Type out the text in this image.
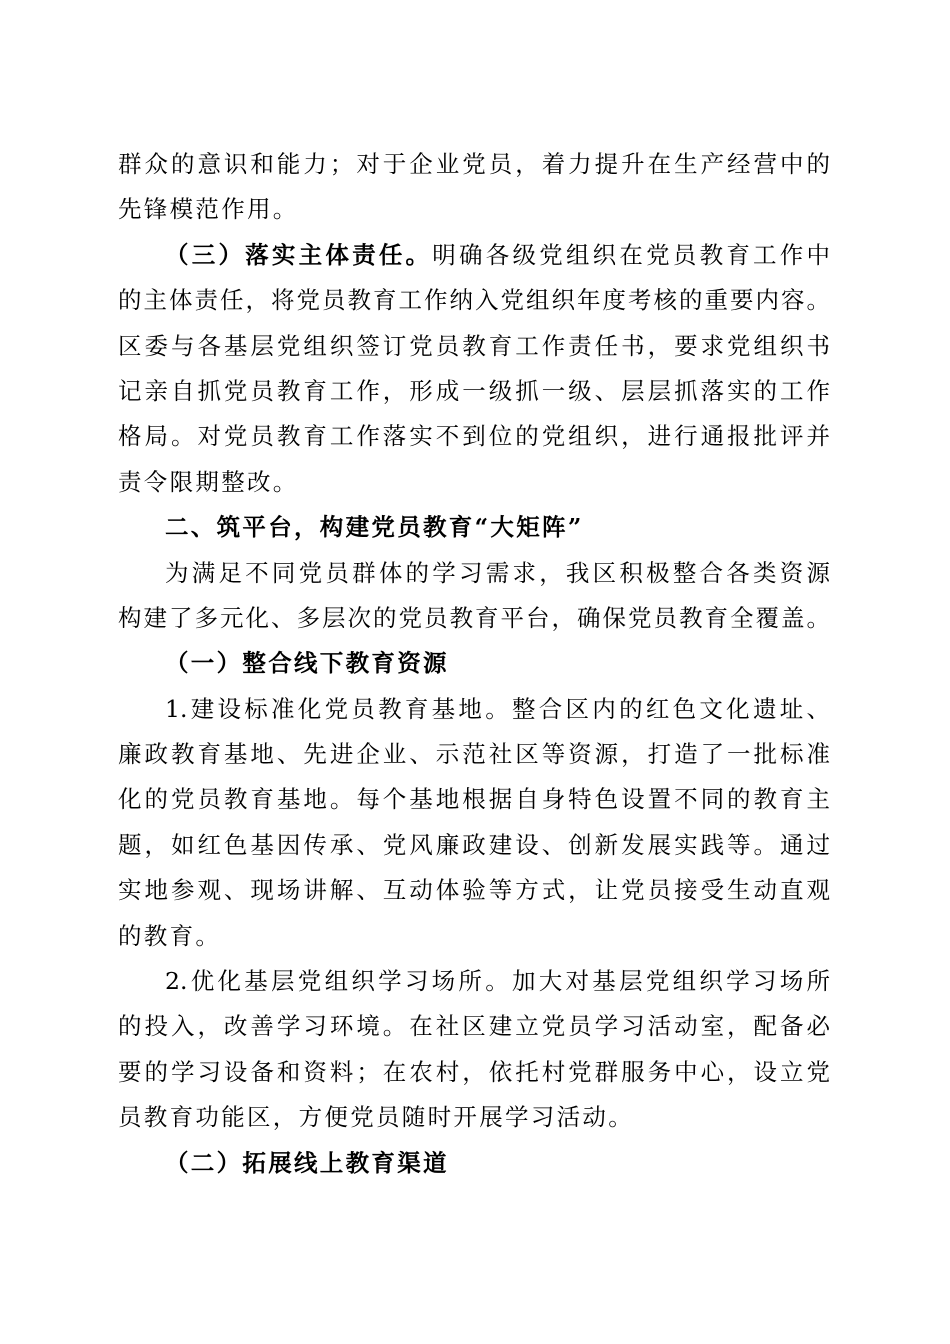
群众的意识和能力；对于企业党员，着力提升在生产经营中的
先锋模范作用。
（三）落实主体责任。明确各级党组织在党员教育工作中
的主体责任，将党员教育工作纳入党组织年度考核的重要内容。
区委与各基层党组织签订党员教育工作责任书，要求党组织书
记亲自抓党员教育工作，形成一级抓一级、层层抓落实的工作
格局。对党员教育工作落实不到位的党组织，进行通报批评并
责令限期整改。
二、筑平台，构建党员教育“大矩阵”
为满足不同党员群体的学习需求，我区积极整合各类资源
构建了多元化、多层次的党员教育平台，确保党员教育全覆盖。
（一）整合线下教育资源
1.建设标准化党员教育基地。整合区内的红色文化遗址、
廉政教育基地、先进企业、示范社区等资源，打造了一批标准
化的党员教育基地。每个基地根据自身特色设置不同的教育主
题，如红色基因传承、党风廉政建设、创新发展实践等。通过
实地参观、现场讲解、互动体验等方式，让党员接受生动直观
的教育。
2.优化基层党组织学习场所。加大对基层党组织学习场所
的投入，改善学习环境。在社区建立党员学习活动室，配备必
要的学习设备和资料；在农村，依托村党群服务中心，设立党
员教育功能区，方便党员随时开展学习活动。
（二）拓展线上教育渠道
